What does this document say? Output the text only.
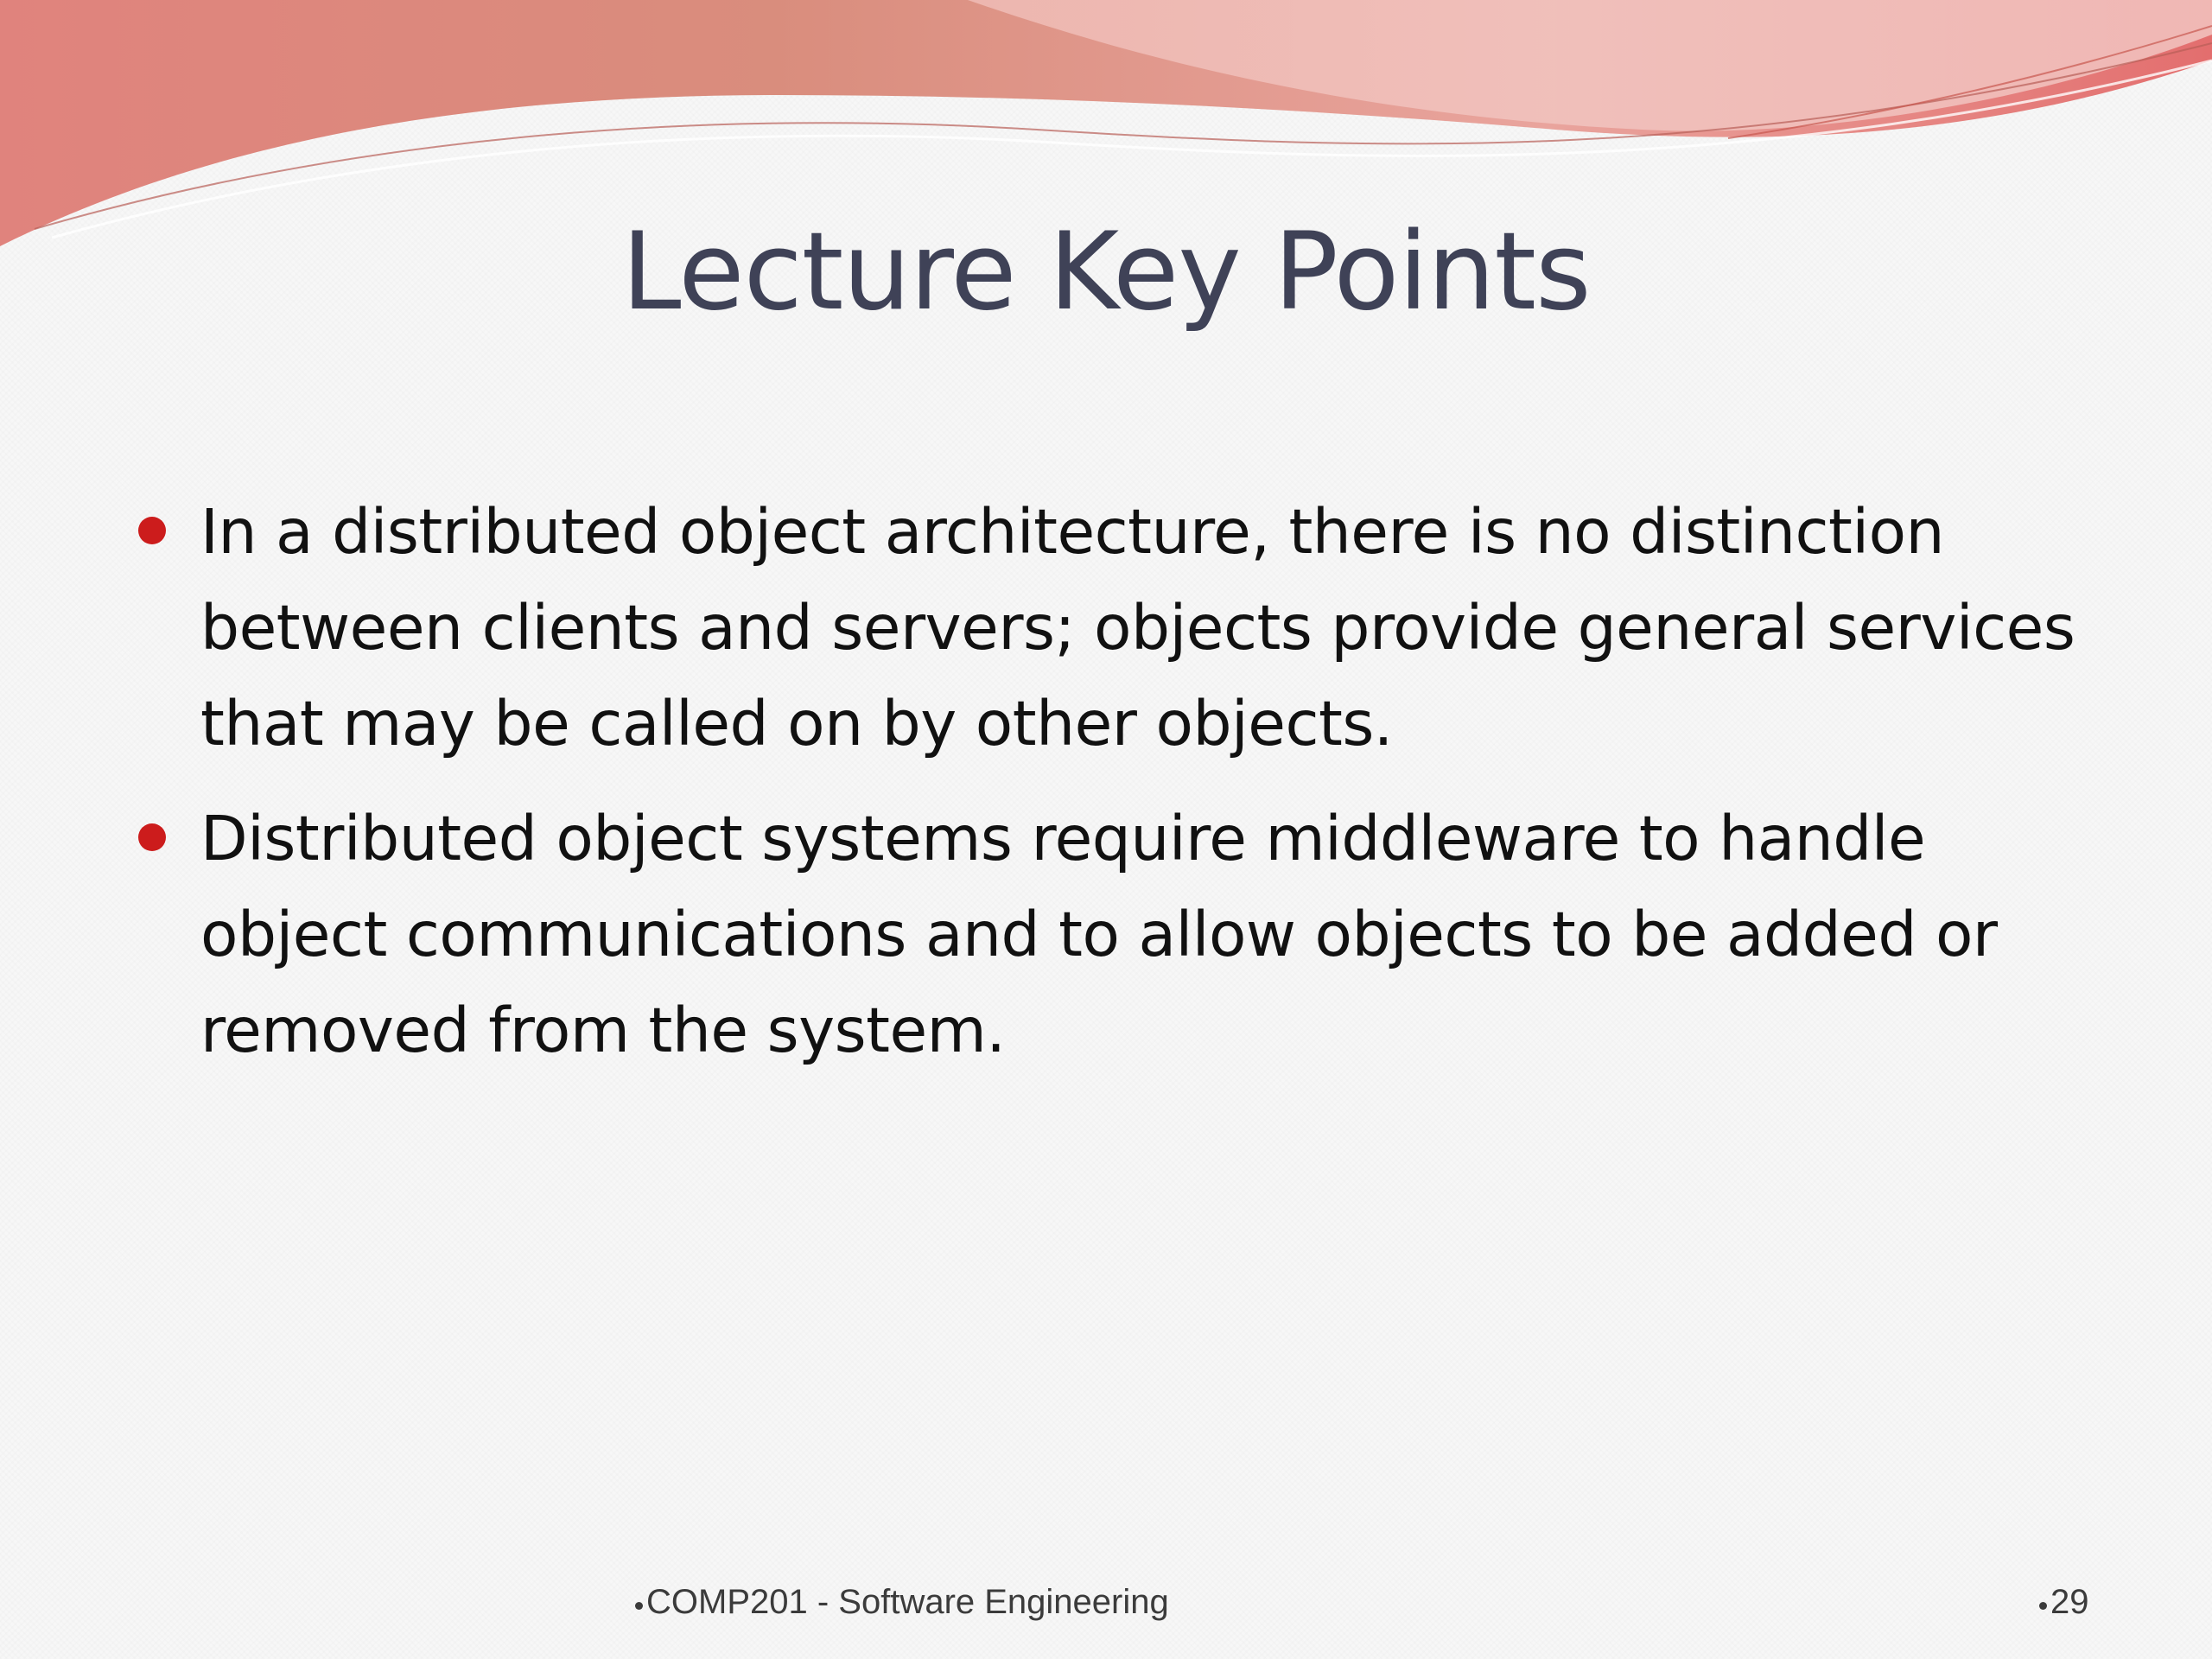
Lecture Key Points
In a distributed object architecture, there is no distinction between clients and servers; objects provide general services that may be called on by other objects.
Distributed object systems require middleware to handle object communications and to allow objects to be added or removed from the system.
COMP201 - Software Engineering	29
